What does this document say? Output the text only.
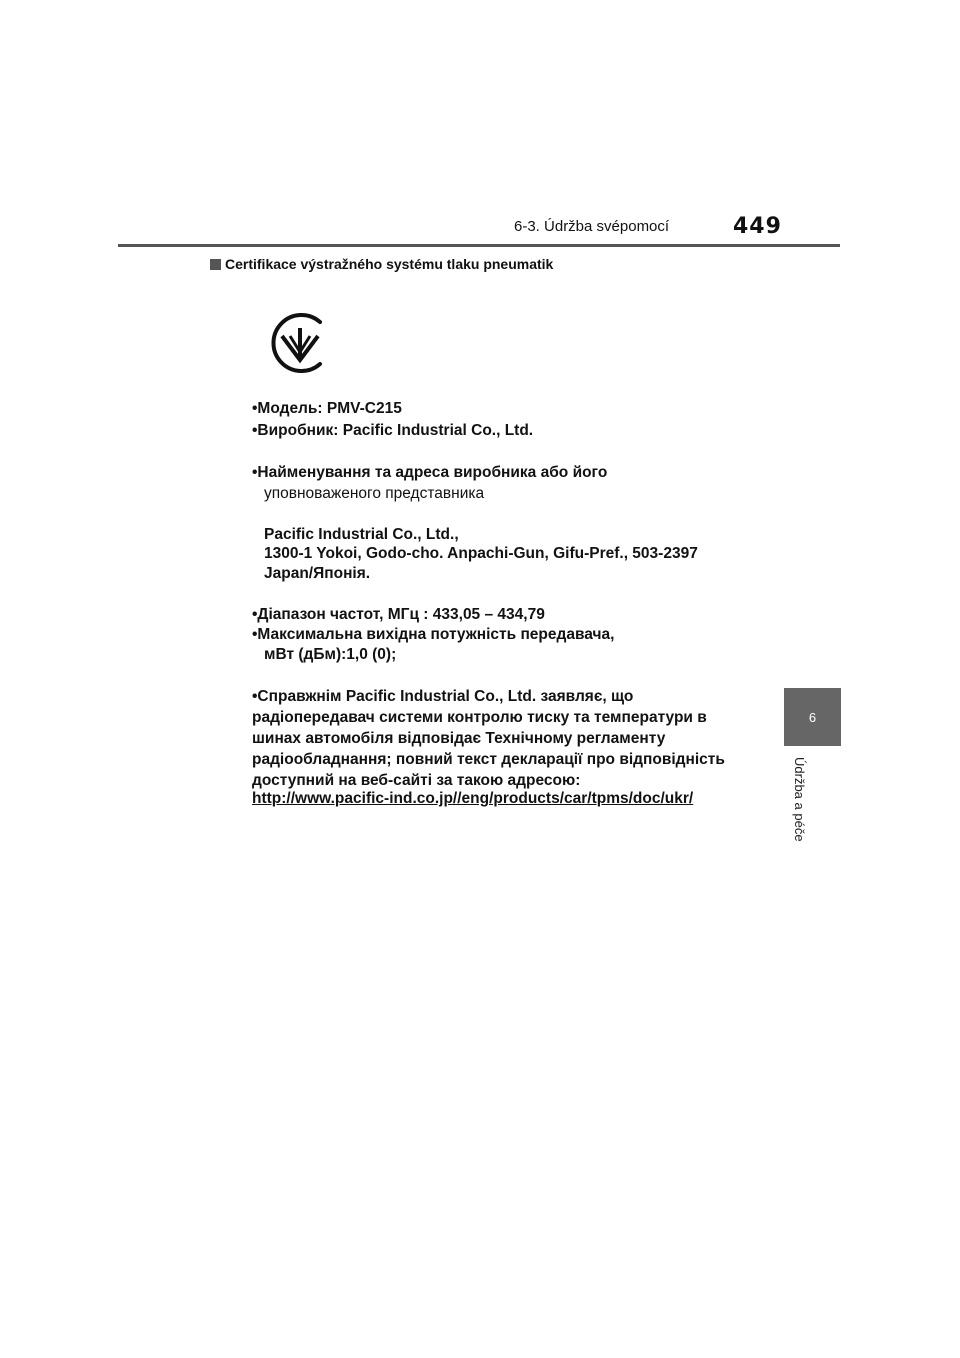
6-3. Údržba svépomocí	449
Certifikace výstražného systému tlaku pneumatik
6
Údržba a péče
•Модель: PMV-C215
•Виробник: Pacific Industrial Co., Ltd.
•Найменування та адреса виробника або його
уповноваженого представника
Pacific Industrial Co., Ltd.,
1300-1 Yokoi, Godo-cho. Anpachi-Gun, Gifu-Pref., 503-2397
Japan/Японія.
•Діапазон частот, МГц : 433,05 – 434,79
•Максимальна вихідна потужність передавача,
мВт (дБм):1,0 (0);
•Справжнім Pacific Industrial Co., Ltd. заявляє, що
радіопередавач системи контролю тиску та температури в
шинах автомобіля відповідає Технічному регламенту
радіообладнання; повний текст декларації про відповідність
доступний на веб-сайті за такою адресою:
http://www.pacific-ind.co.jp//eng/products/car/tpms/doc/ukr/
